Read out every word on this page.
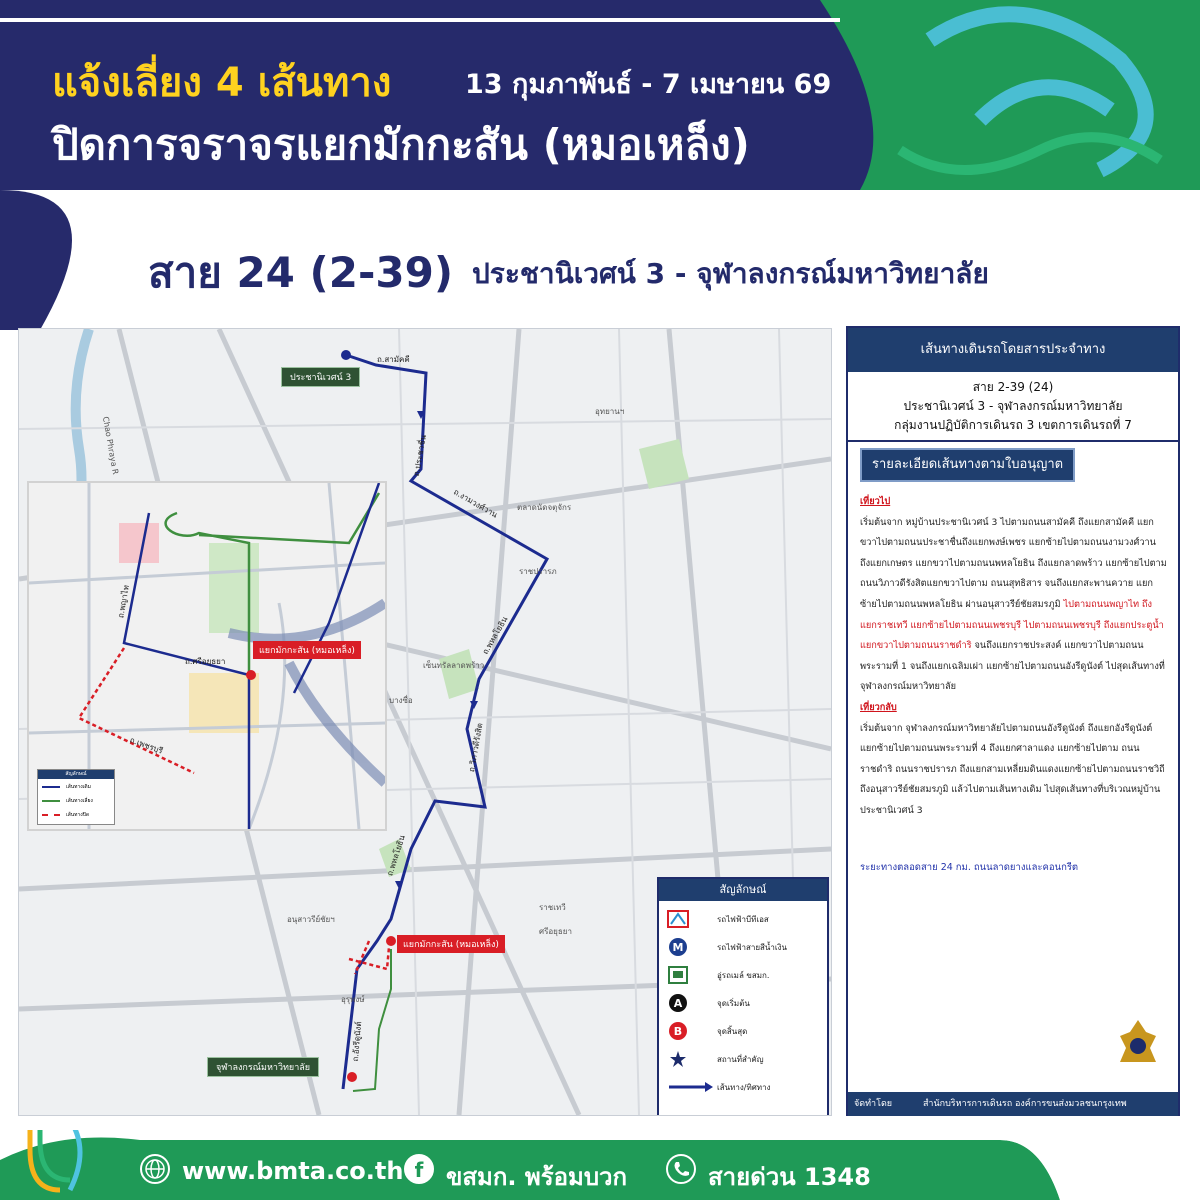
แจ้งเลี่ยง 4 เส้นทาง	13 กุมภาพันธ์ - 7 เมษายน 69
ปิดการจราจรแยกมักกะสัน (หมอเหล็ง)
สาย 24 (2-39) ประชานิเวศน์ 3 - จุฬาลงกรณ์มหาวิทยาลัย
ประชานิเวศน์ 3
จุฬาลงกรณ์มหาวิทยาลัย
แยกมักกะสัน (หมอเหล็ง)
ถ.สามัคคี
ถ.ประชาชื่น
ถ.งามวงศ์วาน
ถ.พหลโยธิน
ถ.วิภาวดีรังสิต
ถ.พหลโยธิน
ถ.อังรีดูนังต์
Chao Phraya R
อุทยานฯ
ตลาดนัดจตุจักร
เซ็นทรัลลาดพร้าว
บางซื่อ
อนุสาวรีย์ชัยฯ
ศรีอยุธยา
ราชเทวี
อุรุพงษ์
ราชปรารภ
แยกมักกะสัน (หมอเหล็ง)
ถ.ศรีอยุธยา
ถ.พญาไท
ถ.เพชรบุรี
สัญลักษณ์
เส้นทางเดิม
เส้นทางเลี่ยง
เส้นทางปิด
สัญลักษณ์
รถไฟฟ้าบีทีเอส
M	รถไฟฟ้าสายสีน้ำเงิน
อู่รถเมล์ ขสมก.
A	จุดเริ่มต้น
B	จุดสิ้นสุด
สถานที่สำคัญ
เส้นทาง/ทิศทาง
เส้นทางเดินรถโดยสารประจำทาง
สาย 2-39 (24)
ประชานิเวศน์ 3 - จุฬาลงกรณ์มหาวิทยาลัย
กลุ่มงานปฏิบัติการเดินรถ 3 เขตการเดินรถที่ 7
รายละเอียดเส้นทางตามใบอนุญาต
เที่ยวไป
เริ่มต้นจาก หมู่บ้านประชานิเวศน์ 3 ไปตามถนนสามัคคี ถึงแยกสามัคคี แยกขวาไปตามถนนประชาชื่นถึงแยกพงษ์เพชร แยกซ้ายไปตามถนนงามวงศ์วาน ถึงแยกเกษตร แยกขวาไปตามถนนพหลโยธิน ถึงแยกลาดพร้าว แยกซ้ายไปตามถนนวิภาวดีรังสิตแยกขวาไปตาม ถนนสุทธิสาร จนถึงแยกสะพานควาย แยกซ้ายไปตามถนนพหลโยธิน ผ่านอนุสาวรีย์ชัยสมรภูมิ ไปตามถนนพญาไท ถึงแยกราชเทวี แยกซ้ายไปตามถนนเพชรบุรี ไปตามถนนเพชรบุรี ถึงแยกประตูน้ำ แยกขวาไปตามถนนราชดำริ จนถึงแยกราชประสงค์ แยกขวาไปตามถนนพระรามที่ 1 จนถึงแยกเฉลิมเผ่า แยกซ้ายไปตามถนนอังรีดูนังต์ ไปสุดเส้นทางที่จุฬาลงกรณ์มหาวิทยาลัย
เที่ยวกลับ
เริ่มต้นจาก จุฬาลงกรณ์มหาวิทยาลัยไปตามถนนอังรีดูนังต์ ถึงแยกอังรีดูนังต์แยกซ้ายไปตามถนนพระรามที่ 4 ถึงแยกศาลาแดง แยกซ้ายไปตาม ถนนราชดำริ ถนนราชปรารภ ถึงแยกสามเหลี่ยมดินแดงแยกซ้ายไปตามถนนราชวิถี ถึงอนุสาวรีย์ชัยสมรภูมิ แล้วไปตามเส้นทางเดิม ไปสุดเส้นทางที่บริเวณหมู่บ้าน ประชานิเวศน์ 3
ระยะทางตลอดสาย 24 กม. ถนนลาดยางและคอนกรีต
จัดทำโดย	สำนักบริหารการเดินรถ องค์การขนส่งมวลชนกรุงเทพ
www.bmta.co.th f ขสมก. พร้อมบวก	สายด่วน 1348
